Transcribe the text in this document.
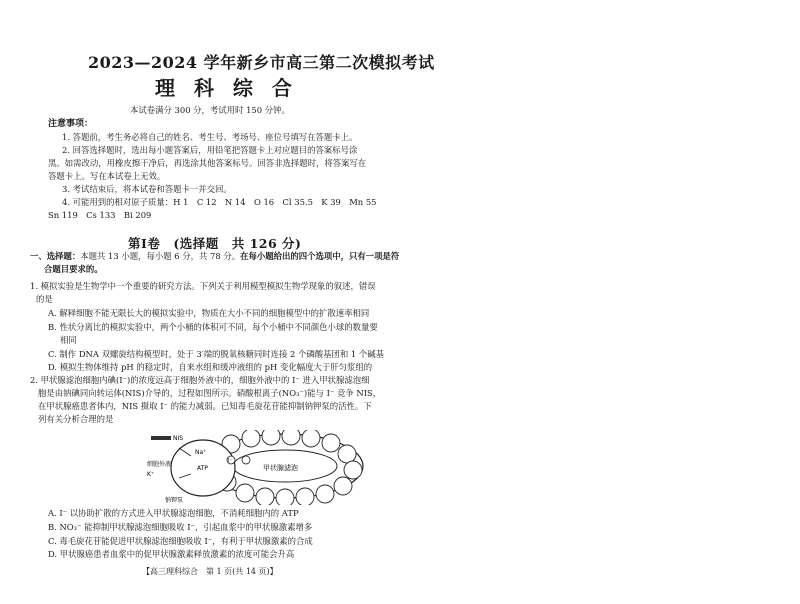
2023—2024 学年新乡市高三第二次模拟考试
理 科 综 合
本试卷满分 300 分，考试用时 150 分钟。
注意事项：
1. 答题前，考生务必将自己的姓名、考生号、考场号、座位号填写在答题卡上。
2. 回答选择题时，选出每小题答案后，用铅笔把答题卡上对应题目的答案标号涂
黑。如需改动，用橡皮擦干净后，再选涂其他答案标号。回答非选择题时，将答案写在
答题卡上。写在本试卷上无效。
3. 考试结束后，将本试卷和答题卡一并交回。
4. 可能用到的相对原子质量：H 1　C 12　N 14　O 16　Cl 35.5　K 39　Mn 55
Sn 119　Cs 133　Bi 209
第Ⅰ卷　(选择题　共 126 分)
一、选择题：本题共 13 小题，每小题 6 分，共 78 分。在每小题给出的四个选项中，只有一项是符
合题目要求的。
1. 模拟实验是生物学中一个重要的研究方法。下列关于利用模型模拟生物学现象的叙述，错误
的是
A. 解释细胞不能无限长大的模拟实验中，物质在大小不同的细胞模型中的扩散速率相同
B. 性状分离比的模拟实验中，两个小桶的体积可不同，每个小桶中不同颜色小球的数量要
相同
C. 制作 DNA 双螺旋结构模型时，处于 3′端的脱氧核糖同时连接 2 个磷酸基团和 1 个碱基
D. 模拟生物体维持 pH 的稳定时，自来水组和缓冲液组的 pH 变化幅度大于肝匀浆组的
2. 甲状腺滤泡细胞内碘(I⁻)的浓度远高于细胞外液中的，细胞外液中的 I⁻ 进入甲状腺滤泡细
胞是由钠碘同向转运体(NIS)介导的，过程如图所示。硝酸根离子(NO₃⁻)能与 I⁻ 竞争 NIS，
在甲状腺癌患者体内，NIS 摄取 I⁻ 的能力减弱。已知毒毛旋花苷能抑制钠钾泵的活性。下
列有关分析合理的是
NIS
细胞外液
K⁺
Na⁺
ATP
钠钾泵
甲状腺滤泡
I⁻
A. I⁻ 以协助扩散的方式进入甲状腺滤泡细胞，不消耗细胞内的 ATP
B. NO₃⁻ 能抑制甲状腺滤泡细胞吸收 I⁻，引起血浆中的甲状腺激素增多
C. 毒毛旋花苷能促进甲状腺滤泡细胞吸收 I⁻，有利于甲状腺激素的合成
D. 甲状腺癌患者血浆中的促甲状腺激素释放激素的浓度可能会升高
【高三理科综合　第 1 页(共 14 页)】
